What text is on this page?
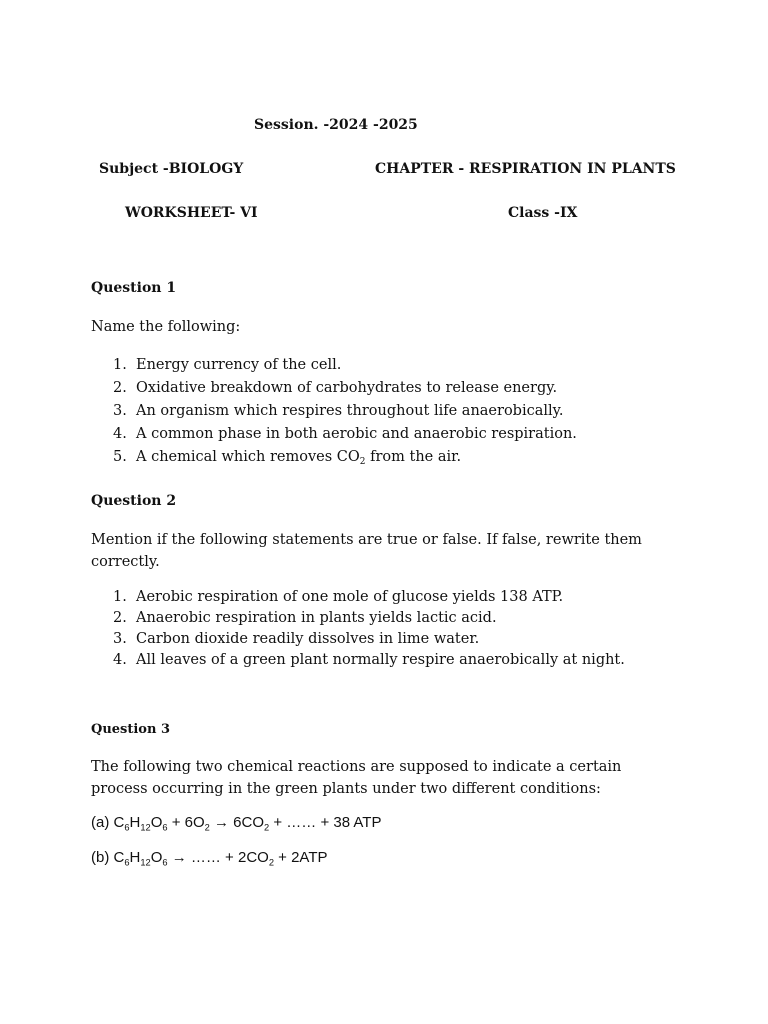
Session. -2024 -2025
Subject -BIOLOGY	CHAPTER - RESPIRATION IN PLANTS
WORKSHEET- VI	Class -IX
Question 1
Name the following:
1. Energy currency of the cell.
2. Oxidative breakdown of carbohydrates to release energy.
3. An organism which respires throughout life anaerobically.
4. A common phase in both aerobic and anaerobic respiration.
5. A chemical which removes $CO_2$ from the air.
Question 2
Mention if the following statements are true or false. If false, rewrite them correctly.
1. Aerobic respiration of one mole of glucose yields 138 ATP.
2. Anaerobic respiration in plants yields lactic acid.
3. Carbon dioxide readily dissolves in lime water.
4. All leaves of a green plant normally respire anaerobically at night.
Question 3
The following two chemical reactions are supposed to indicate a certain process occurring in the green plants under two different conditions:
(a) $C_6H_{12}O_6 + 6O_2 \to 6CO_2$ + …… + 38 ATP
(b) $C_6H_{12}O_6$ → …… + $2CO_2 + 2ATP$
